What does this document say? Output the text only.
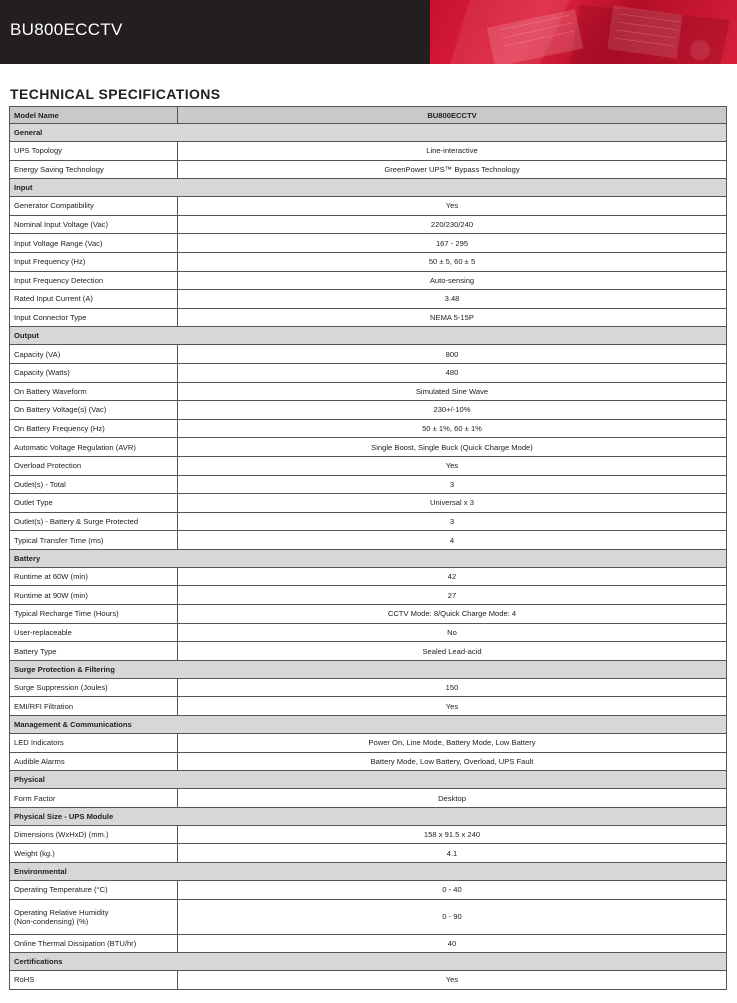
BU800ECCTV
TECHNICAL SPECIFICATIONS
Model Name	BU800ECCTV
General	
UPS Topology	Line-interactive
Energy Saving Technology	GreenPower UPS™ Bypass Technology
Input	
Generator Compatibility	Yes
Nominal Input Voltage (Vac)	220/230/240
Input Voltage Range (Vac)	167 - 295
Input Frequency (Hz)	50 ± 5, 60 ± 5
Input Frequency Detection	Auto-sensing
Rated Input Current (A)	3.48
Input Connector Type	NEMA 5-15P
Output	
Capacity (VA)	800
Capacity (Watts)	480
On Battery Waveform	Simulated Sine Wave
On Battery Voltage(s) (Vac)	230+/-10%
On Battery Frequency (Hz)	50 ± 1%, 60 ± 1%
Automatic Voltage Regulation (AVR)	Single Boost, Single Buck (Quick Charge Mode)
Overload Protection	Yes
Outlet(s) - Total	3
Outlet Type	Universal x 3
Outlet(s) - Battery & Surge Protected	3
Typical Transfer Time (ms)	4
Battery	
Runtime at 60W (min)	42
Runtime at 90W (min)	27
Typical Recharge Time (Hours)	CCTV Mode: 8/Quick Charge Mode: 4
User-replaceable	No
Battery Type	Sealed Lead-acid
Surge Protection & Filtering	
Surge Suppression (Joules)	150
EMI/RFI Filtration	Yes
Management & Communications	
LED Indicators	Power On, Line Mode, Battery Mode, Low Battery
Audible Alarms	Battery Mode, Low Battery, Overload, UPS Fault
Physical	
Form Factor	Desktop
Physical Size - UPS Module	
Dimensions (WxHxD) (mm.)	158 x 91.5 x 240
Weight (kg.)	4.1
Environmental	
Operating Temperature (°C)	0 - 40
Operating Relative Humidity
(Non-condensing) (%)	0 - 90
Online Thermal Dissipation (BTU/hr)	40
Certifications	
RoHS	Yes
